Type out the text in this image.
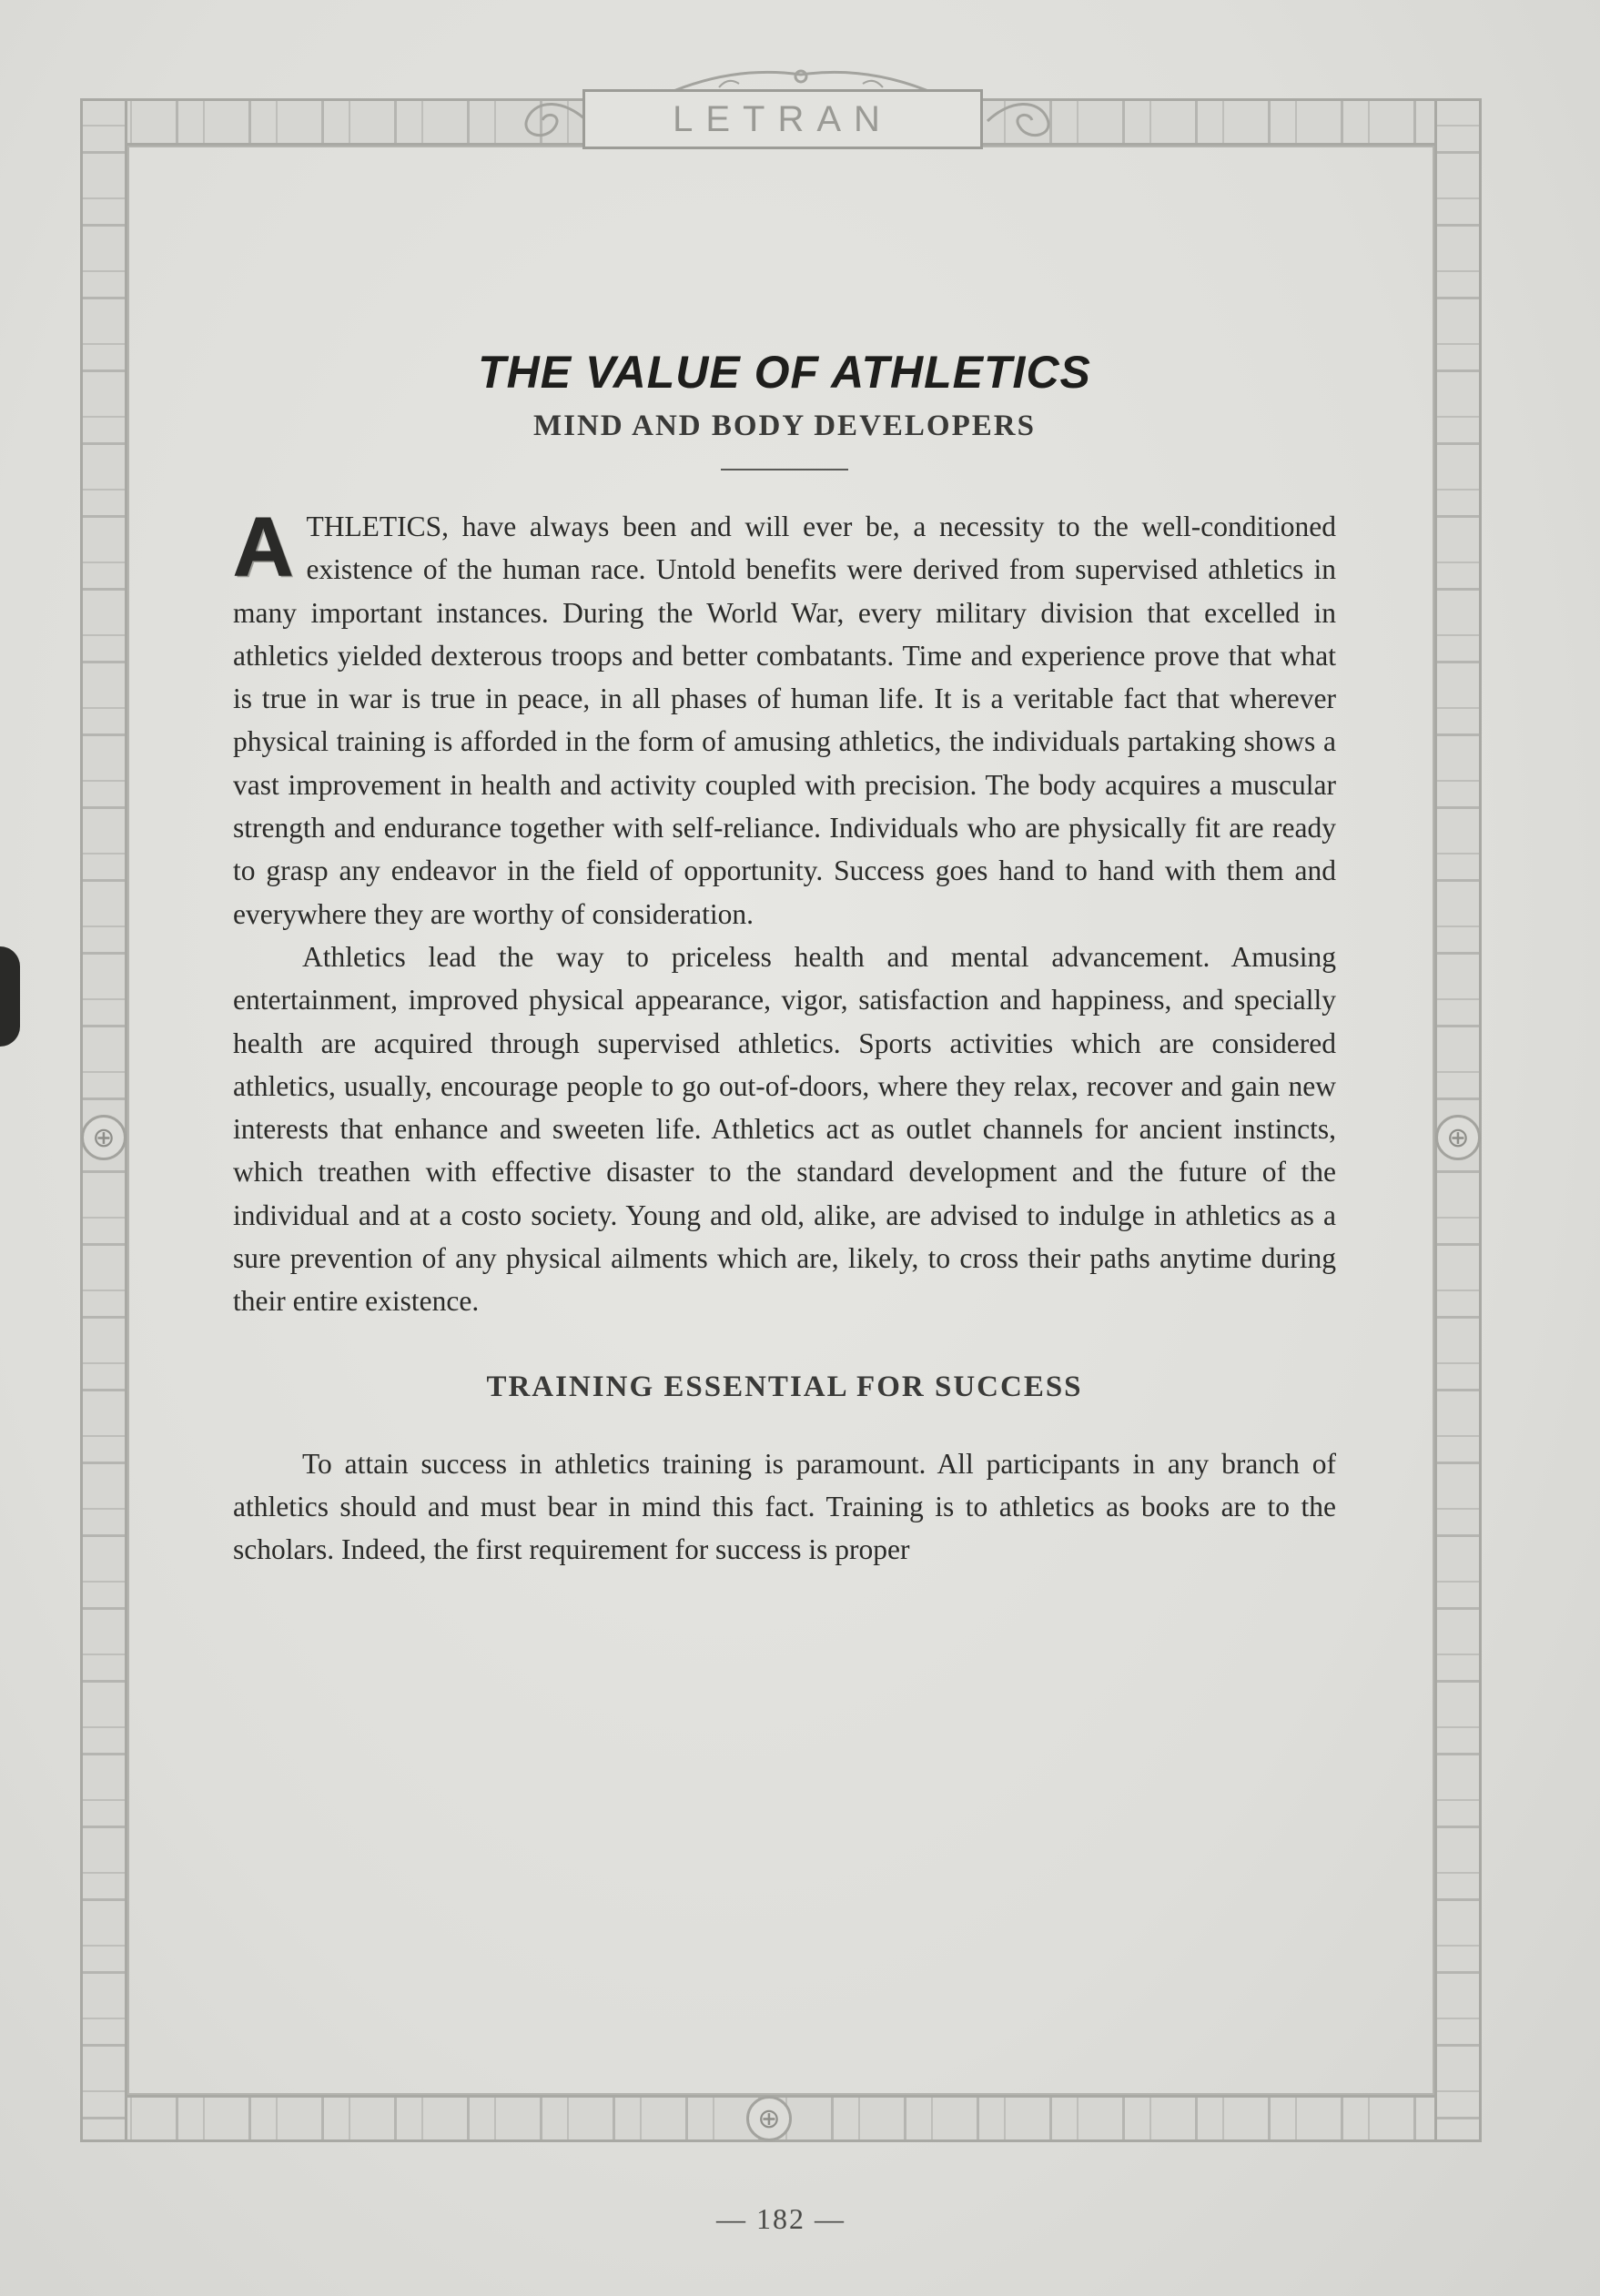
LETRAN
⊕	⊕
⊕
THE VALUE OF ATHLETICS
MIND AND BODY DEVELOPERS

ATHLETICS, have always been and will ever be, a necessity to the well-conditioned existence of the human race. Untold benefits were derived from supervised athletics in many important instances. During the World War, every military division that excelled in athletics yielded dexterous troops and better combatants. Time and experience prove that what is true in war is true in peace, in all phases of human life. It is a veritable fact that wherever physical training is afforded in the form of amusing athletics, the individuals partaking shows a vast improvement in health and activity coupled with precision. The body acquires a muscular strength and endurance together with self-reliance. Individuals who are physically fit are ready to grasp any endeavor in the field of opportunity. Success goes hand to hand with them and everywhere they are worthy of consideration.

Athletics lead the way to priceless health and mental advancement. Amusing entertainment, improved physical appearance, vigor, satisfaction and happiness, and specially health are acquired through supervised athletics. Sports activities which are considered athletics, usually, encourage people to go out-of-doors, where they relax, recover and gain new interests that enhance and sweeten life. Athletics act as outlet channels for ancient instincts, which treathen with effective disaster to the standard development and the future of the individual and at a costo society. Young and old, alike, are advised to indulge in athletics as a sure prevention of any physical ailments which are, likely, to cross their paths anytime during their entire existence.

TRAINING ESSENTIAL FOR SUCCESS

To attain success in athletics training is paramount. All participants in any branch of athletics should and must bear in mind this fact. Training is to athletics as books are to the scholars. Indeed, the first requirement for success is proper

— 182 —
